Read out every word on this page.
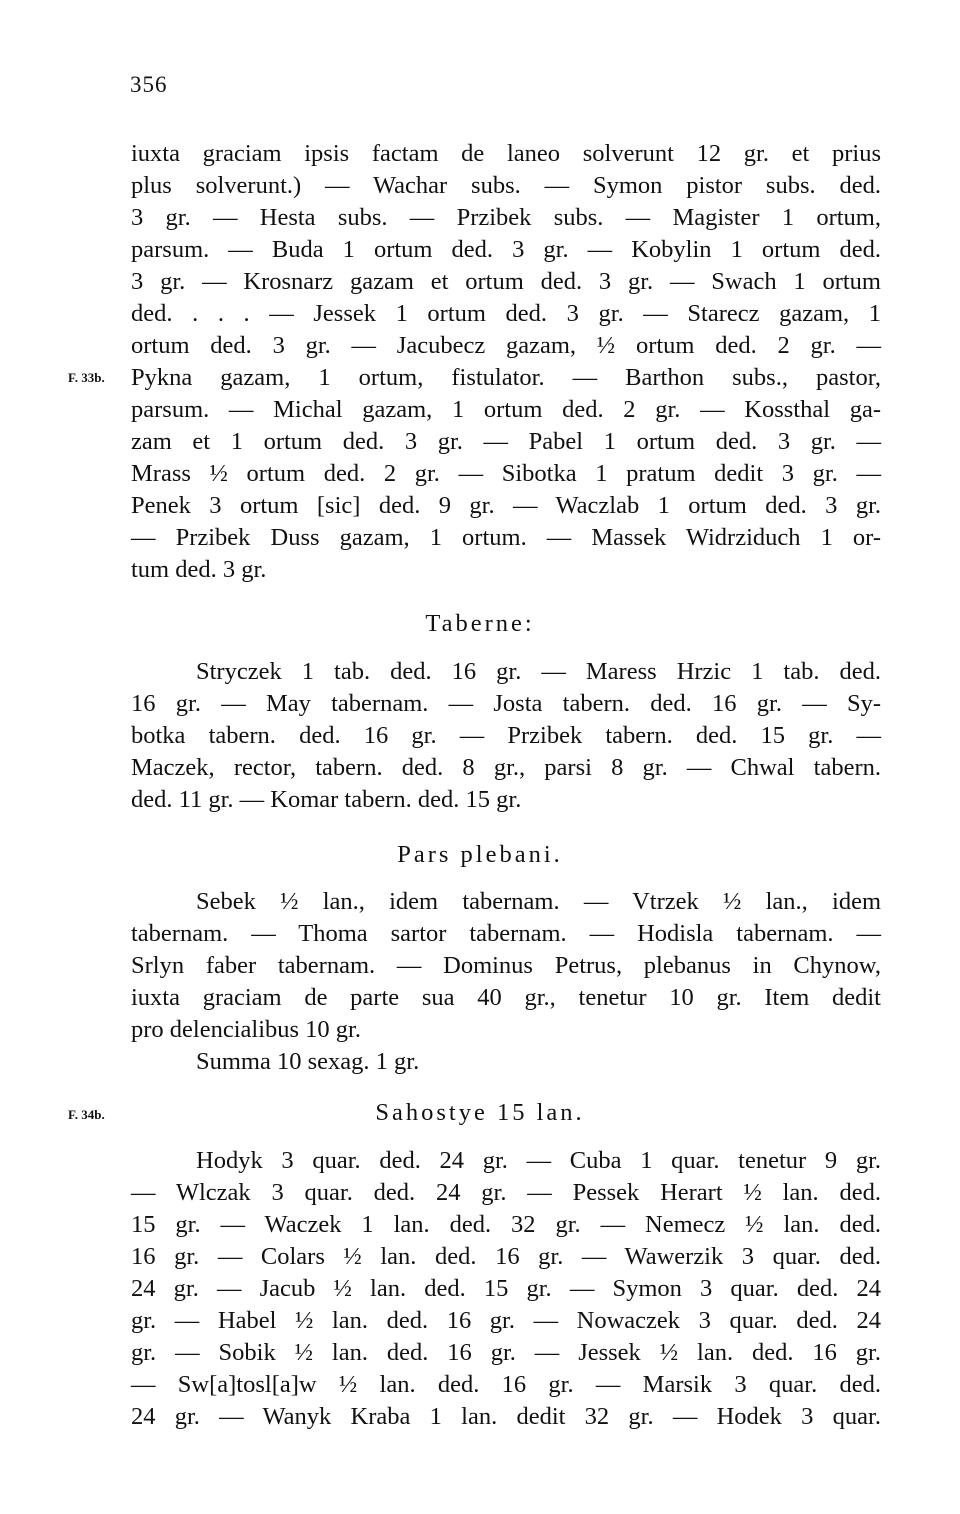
356
iuxta graciam ipsis factam de laneo solverunt 12 gr. et prius
plus solverunt.) — Wachar subs. — Symon pistor subs. ded.
3 gr. — Hesta subs. — Przibek subs. — Magister 1 ortum,
parsum. — Buda 1 ortum ded. 3 gr. — Kobylin 1 ortum ded.
3 gr. — Krosnarz gazam et ortum ded. 3 gr. — Swach 1 ortum
ded. . . . — Jessek 1 ortum ded. 3 gr. — Starecz gazam, 1
ortum ded. 3 gr. — Jacubecz gazam, ½ ortum ded. 2 gr. —
F. 33b. Pykna gazam, 1 ortum, fistulator. — Barthon subs., pastor,
parsum. — Michal gazam, 1 ortum ded. 2 gr. — Kossthal ga-
zam et 1 ortum ded. 3 gr. — Pabel 1 ortum ded. 3 gr. —
Mrass ½ ortum ded. 2 gr. — Sibotka 1 pratum dedit 3 gr. —
Penek 3 ortum [sic] ded. 9 gr. — Waczlab 1 ortum ded. 3 gr.
— Przibek Duss gazam, 1 ortum. — Massek Widrziduch 1 or-
tum ded. 3 gr.
Taberne:
Stryczek 1 tab. ded. 16 gr. — Maress Hrzic 1 tab. ded.
16 gr. — May tabernam. — Josta tabern. ded. 16 gr. — Sy-
botka tabern. ded. 16 gr. — Przibek tabern. ded. 15 gr. —
Maczek, rector, tabern. ded. 8 gr., parsi 8 gr. — Chwal tabern.
ded. 11 gr. — Komar tabern. ded. 15 gr.
Pars plebani.
Sebek ½ lan., idem tabernam. — Vtrzek ½ lan., idem
tabernam. — Thoma sartor tabernam. — Hodisla tabernam. —
Srlyn faber tabernam. — Dominus Petrus, plebanus in Chynow,
iuxta graciam de parte sua 40 gr., tenetur 10 gr. Item dedit
pro delencialibus 10 gr.
Summa 10 sexag. 1 gr.
F. 34b.	Sahostye 15 lan.
Hodyk 3 quar. ded. 24 gr. — Cuba 1 quar. tenetur 9 gr.
— Wlczak 3 quar. ded. 24 gr. — Pessek Herart ½ lan. ded.
15 gr. — Waczek 1 lan. ded. 32 gr. — Nemecz ½ lan. ded.
16 gr. — Colars ½ lan. ded. 16 gr. — Wawerzik 3 quar. ded.
24 gr. — Jacub ½ lan. ded. 15 gr. — Symon 3 quar. ded. 24
gr. — Habel ½ lan. ded. 16 gr. — Nowaczek 3 quar. ded. 24
gr. — Sobik ½ lan. ded. 16 gr. — Jessek ½ lan. ded. 16 gr.
— Sw[a]tosl[a]w ½ lan. ded. 16 gr. — Marsik 3 quar. ded.
24 gr. — Wanyk Kraba 1 lan. dedit 32 gr. — Hodek 3 quar.
